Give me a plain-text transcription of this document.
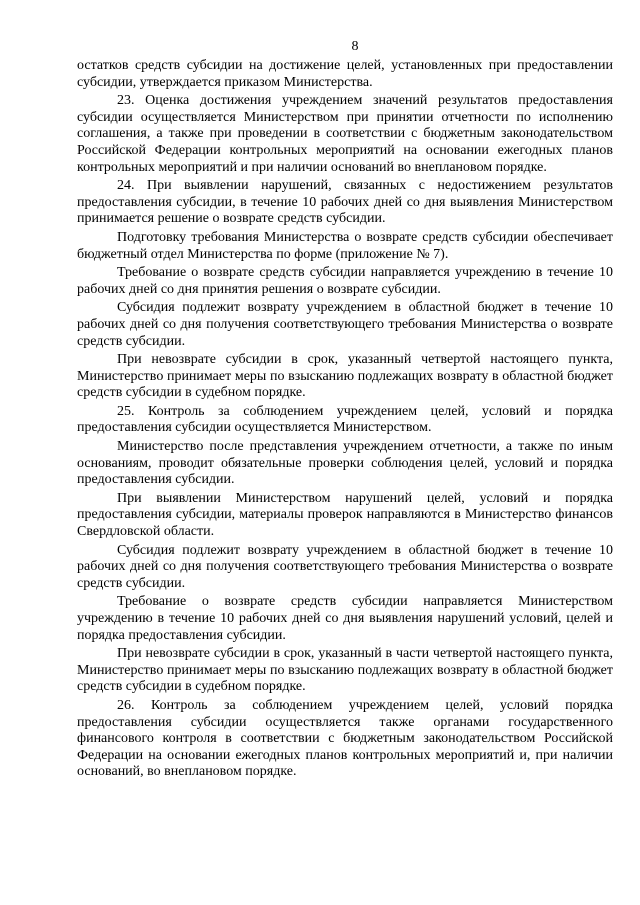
8

остатков средств субсидии на достижение целей, установленных при предоставлении субсидии, утверждается приказом Министерства.

23. Оценка достижения учреждением значений результатов предоставления субсидии осуществляется Министерством при принятии отчетности по исполнению соглашения, а также при проведении в соответствии с бюджетным законодательством Российской Федерации контрольных мероприятий на основании ежегодных планов контрольных мероприятий и при наличии оснований во внеплановом порядке.

24. При выявлении нарушений, связанных с недостижением результатов предоставления субсидии, в течение 10 рабочих дней со дня выявления Министерством принимается решение о возврате средств субсидии.

Подготовку требования Министерства о возврате средств субсидии обеспечивает бюджетный отдел Министерства по форме (приложение № 7).

Требование о возврате средств субсидии направляется учреждению в течение 10 рабочих дней со дня принятия решения о возврате субсидии.

Субсидия подлежит возврату учреждением в областной бюджет в течение 10 рабочих дней со дня получения соответствующего требования Министерства о возврате средств субсидии.

При невозврате субсидии в срок, указанный четвертой настоящего пункта, Министерство принимает меры по взысканию подлежащих возврату в областной бюджет средств субсидии в судебном порядке.

25. Контроль за соблюдением учреждением целей, условий и порядка предоставления субсидии осуществляется Министерством.

Министерство после представления учреждением отчетности, а также по иным основаниям, проводит обязательные проверки соблюдения целей, условий и порядка предоставления субсидии.

При выявлении Министерством нарушений целей, условий и порядка предоставления субсидии, материалы проверок направляются в Министерство финансов Свердловской области.

Субсидия подлежит возврату учреждением в областной бюджет в течение 10 рабочих дней со дня получения соответствующего требования Министерства о возврате средств субсидии.

Требование о возврате средств субсидии направляется Министерством учреждению в течение 10 рабочих дней со дня выявления нарушений условий, целей и порядка предоставления субсидии.

При невозврате субсидии в срок, указанный в части четвертой настоящего пункта, Министерство принимает меры по взысканию подлежащих возврату в областной бюджет средств субсидии в судебном порядке.

26. Контроль за соблюдением учреждением целей, условий порядка предоставления субсидии осуществляется также органами государственного финансового контроля в соответствии с бюджетным законодательством Российской Федерации на основании ежегодных планов контрольных мероприятий и, при наличии оснований, во внеплановом порядке.
